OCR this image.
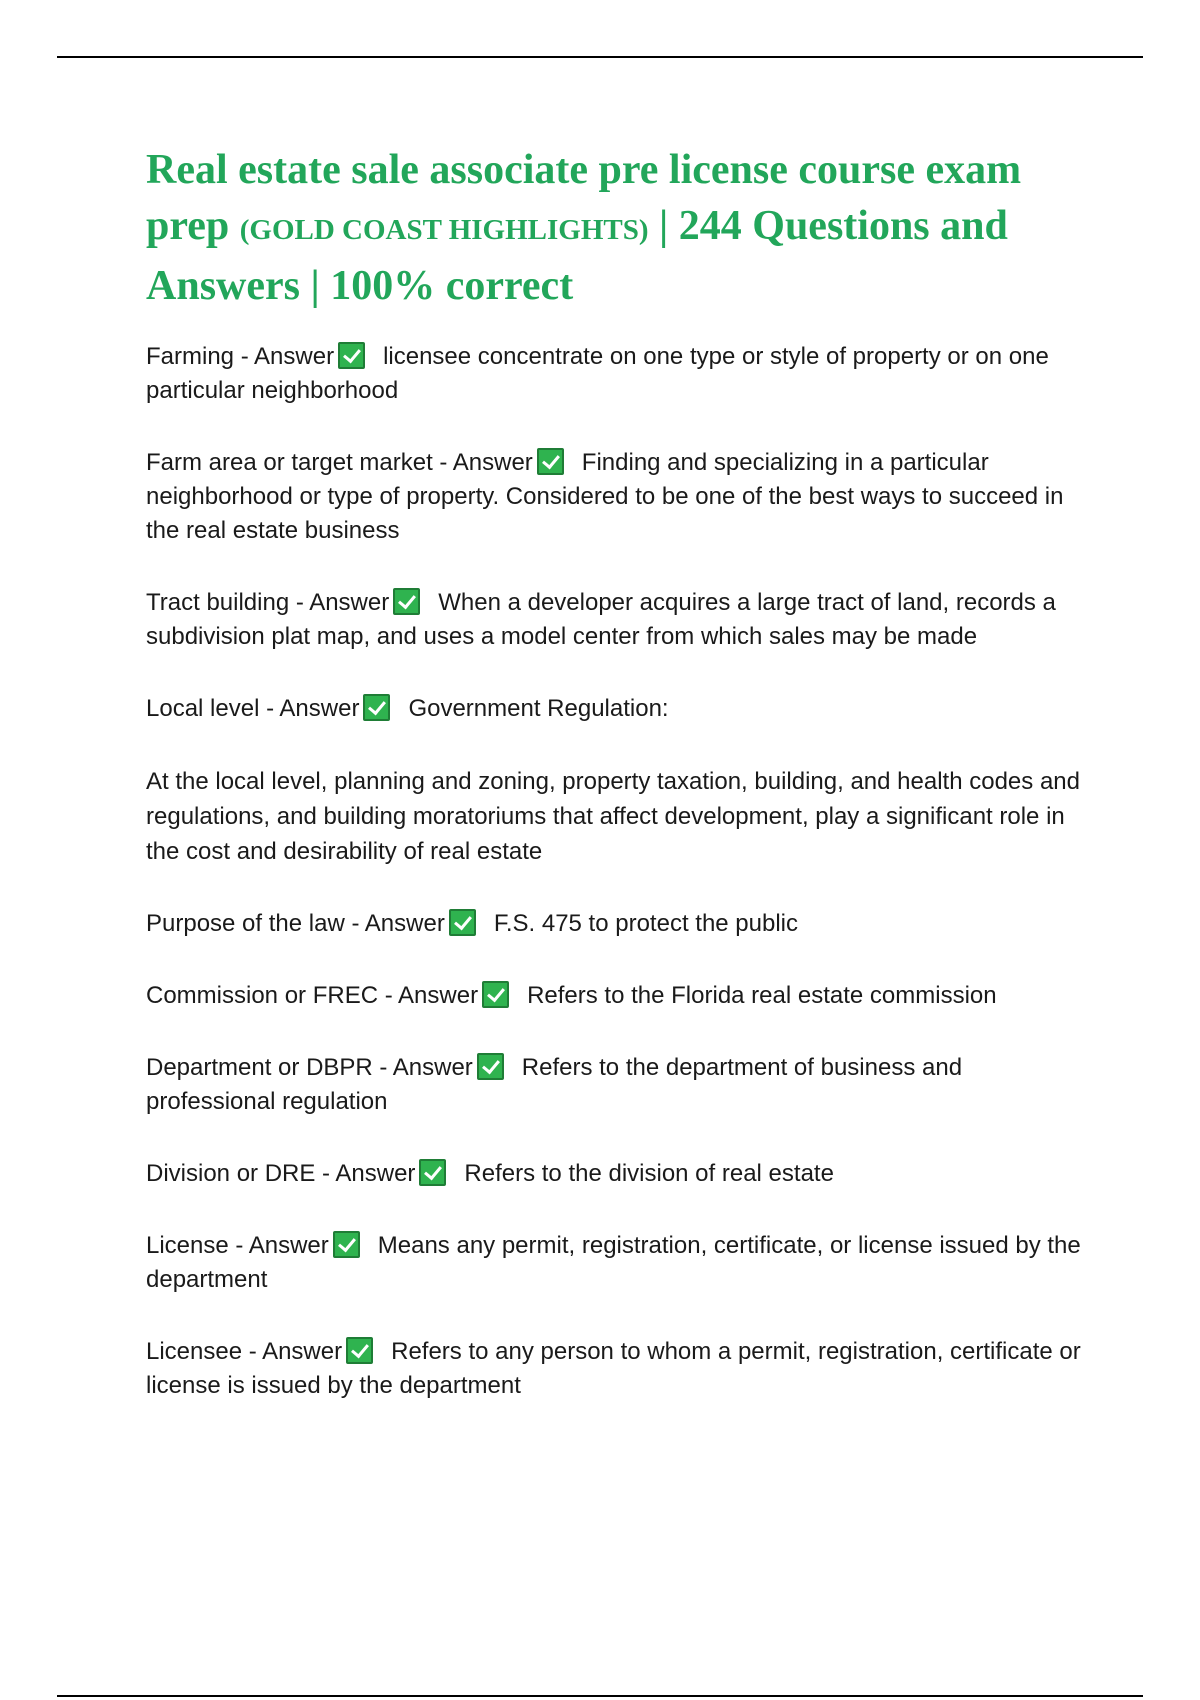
Real estate sale associate pre license course exam prep (GOLD COAST HIGHLIGHTS) | 244 Questions and Answers | 100% correct

Farming - Answer licensee concentrate on one type or style of property or on one particular neighborhood

Farm area or target market - Answer Finding and specializing in a particular neighborhood or type of property. Considered to be one of the best ways to succeed in the real estate business

Tract building - Answer When a developer acquires a large tract of land, records a subdivision plat map, and uses a model center from which sales may be made

Local level - Answer Government Regulation:

At the local level, planning and zoning, property taxation, building, and health codes and regulations, and building moratoriums that affect development, play a significant role in the cost and desirability of real estate

Purpose of the law - Answer F.S. 475 to protect the public

Commission or FREC - Answer Refers to the Florida real estate commission

Department or DBPR - Answer Refers to the department of business and professional regulation

Division or DRE - Answer Refers to the division of real estate

License - Answer Means any permit, registration, certificate, or license issued by the department

Licensee - Answer Refers to any person to whom a permit, registration, certificate or license is issued by the department
